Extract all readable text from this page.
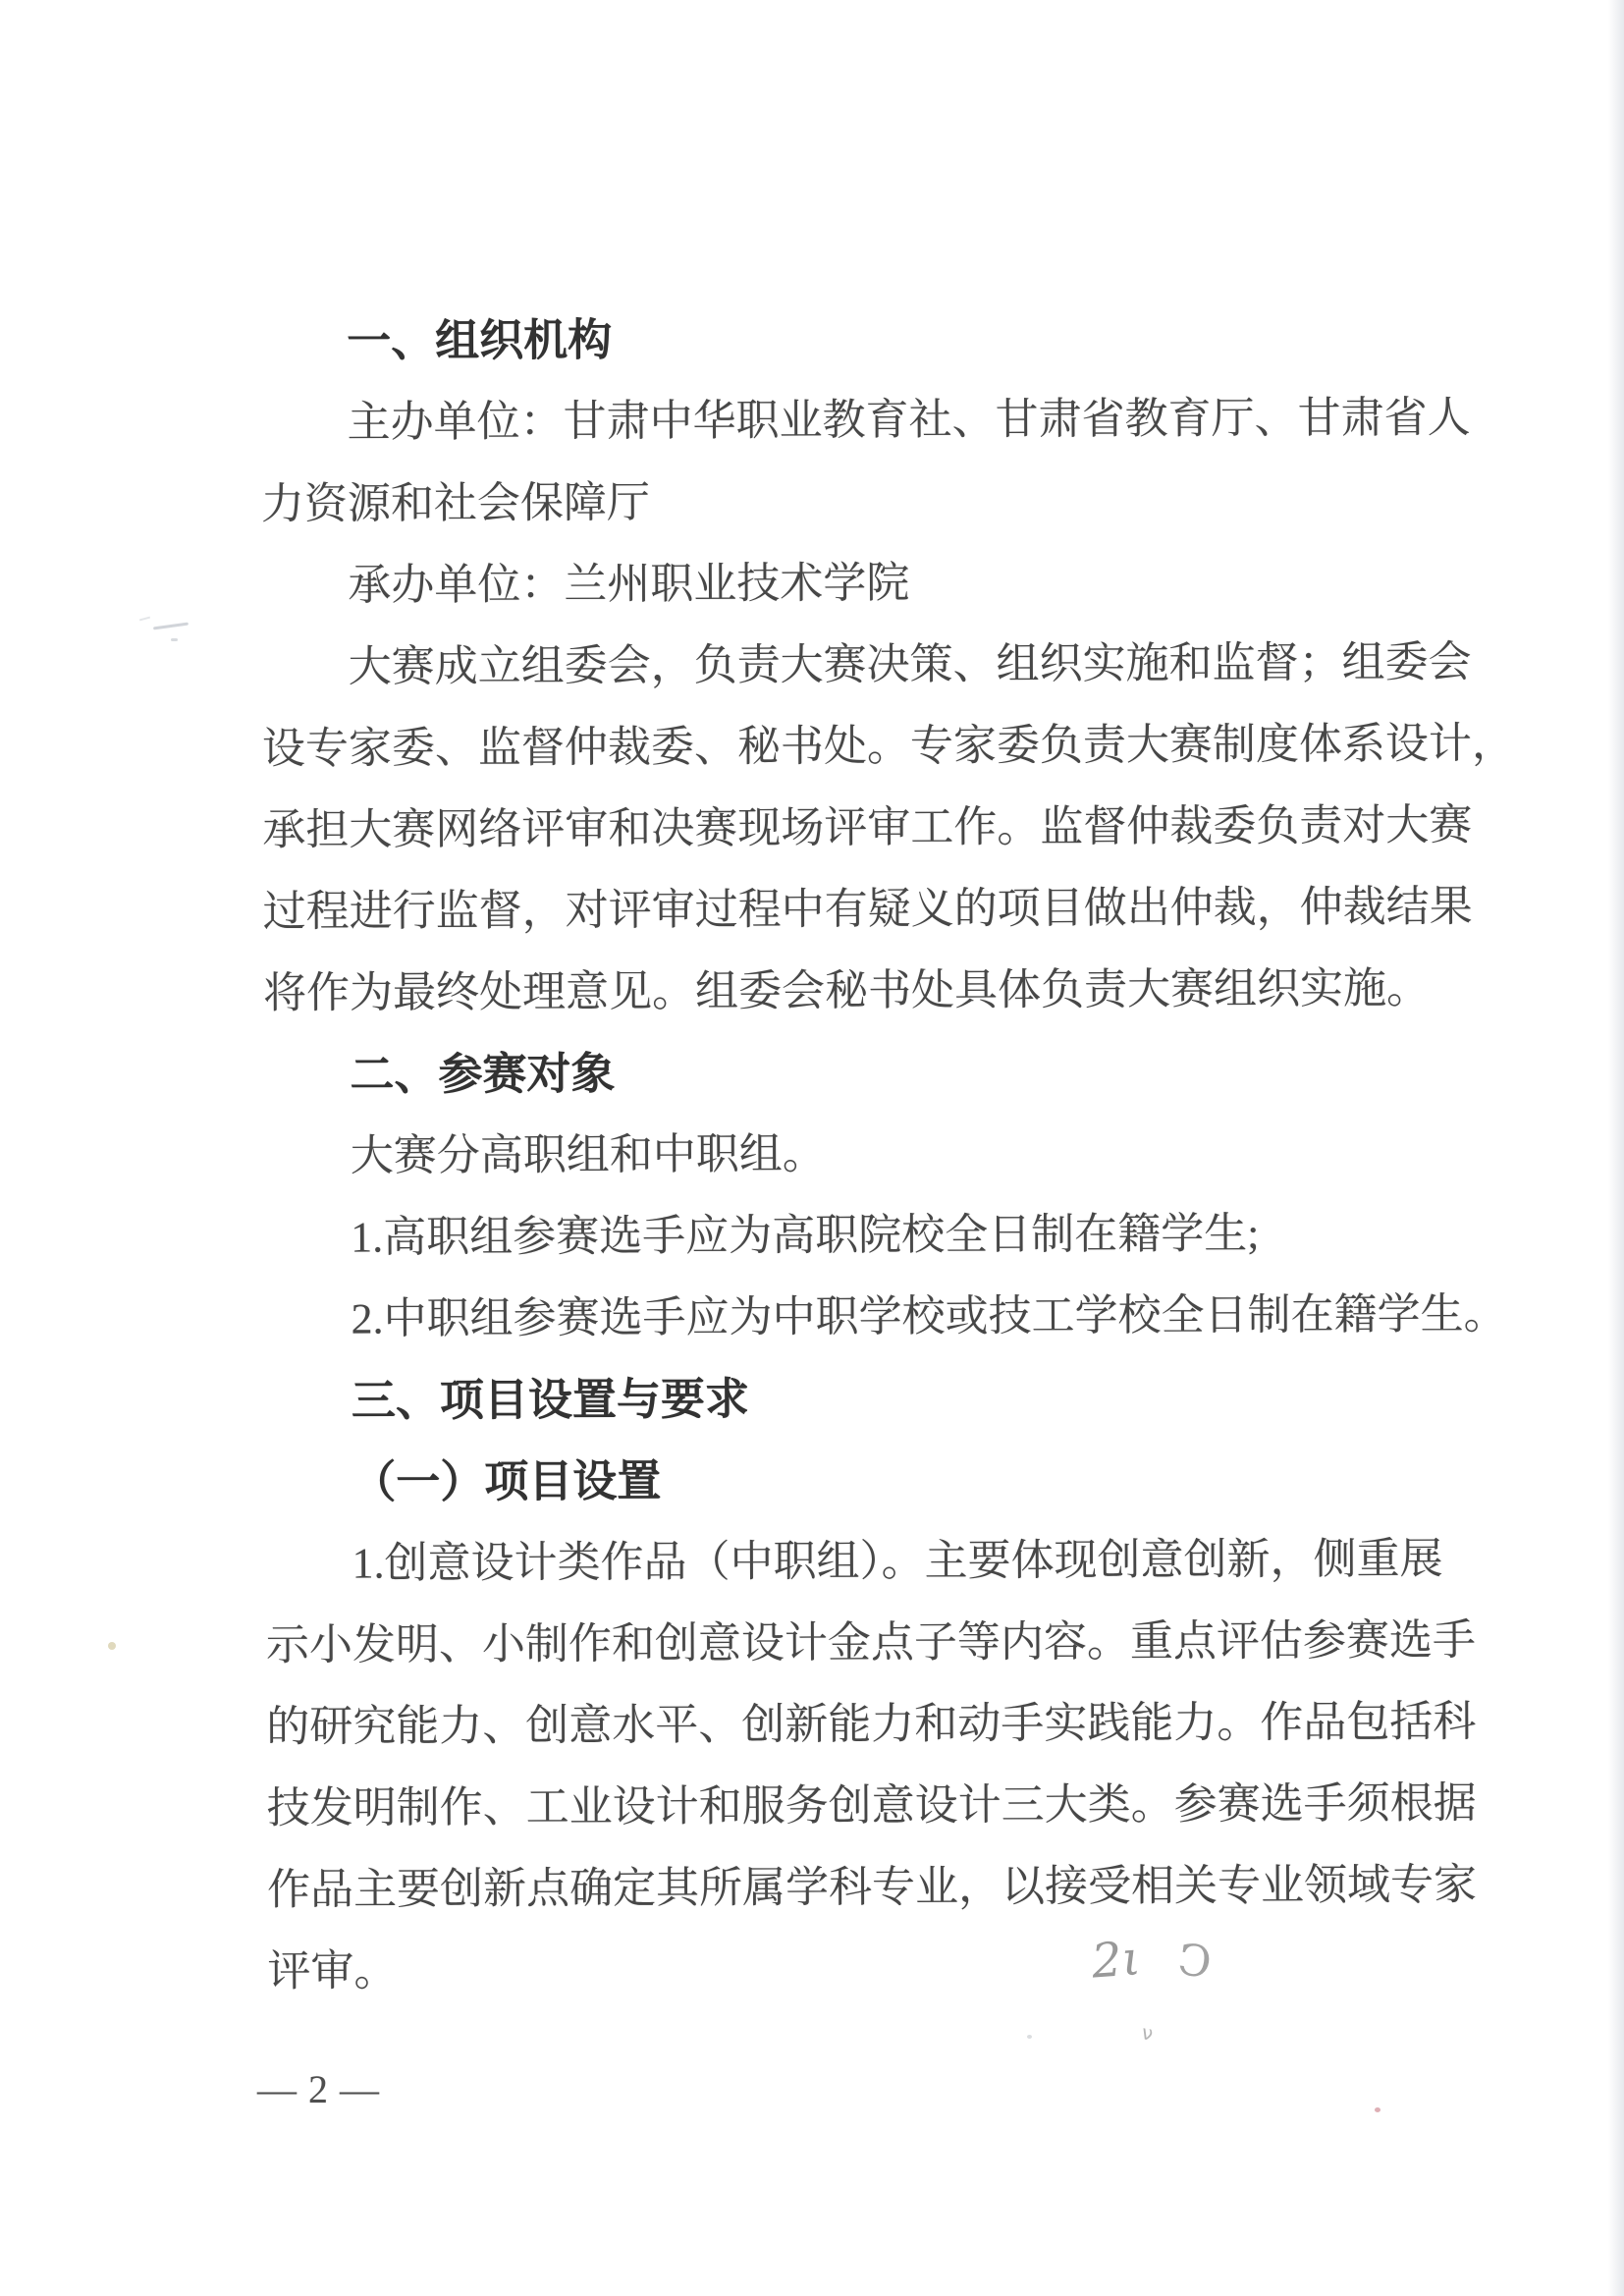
一、组织机构
主办单位：甘肃中华职业教育社、甘肃省教育厅、甘肃省人
力资源和社会保障厅
承办单位：兰州职业技术学院
大赛成立组委会，负责大赛决策、组织实施和监督；组委会
设专家委、监督仲裁委、秘书处。专家委负责大赛制度体系设计，
承担大赛网络评审和决赛现场评审工作。监督仲裁委负责对大赛
过程进行监督，对评审过程中有疑义的项目做出仲裁，仲裁结果
将作为最终处理意见。组委会秘书处具体负责大赛组织实施。
二、参赛对象
大赛分高职组和中职组。
1.高职组参赛选手应为高职院校全日制在籍学生;
2.中职组参赛选手应为中职学校或技工学校全日制在籍学生。
三、项目设置与要求
（一）项目设置
1.创意设计类作品（中职组）。主要体现创意创新，侧重展
示小发明、小制作和创意设计金点子等内容。重点评估参赛选手
的研究能力、创意水平、创新能力和动手实践能力。作品包括科
技发明制作、工业设计和服务创意设计三大类。参赛选手须根据
作品主要创新点确定其所属学科专业，以接受相关专业领域专家
评审。
— 2 —
2ι Ͻ
ν
